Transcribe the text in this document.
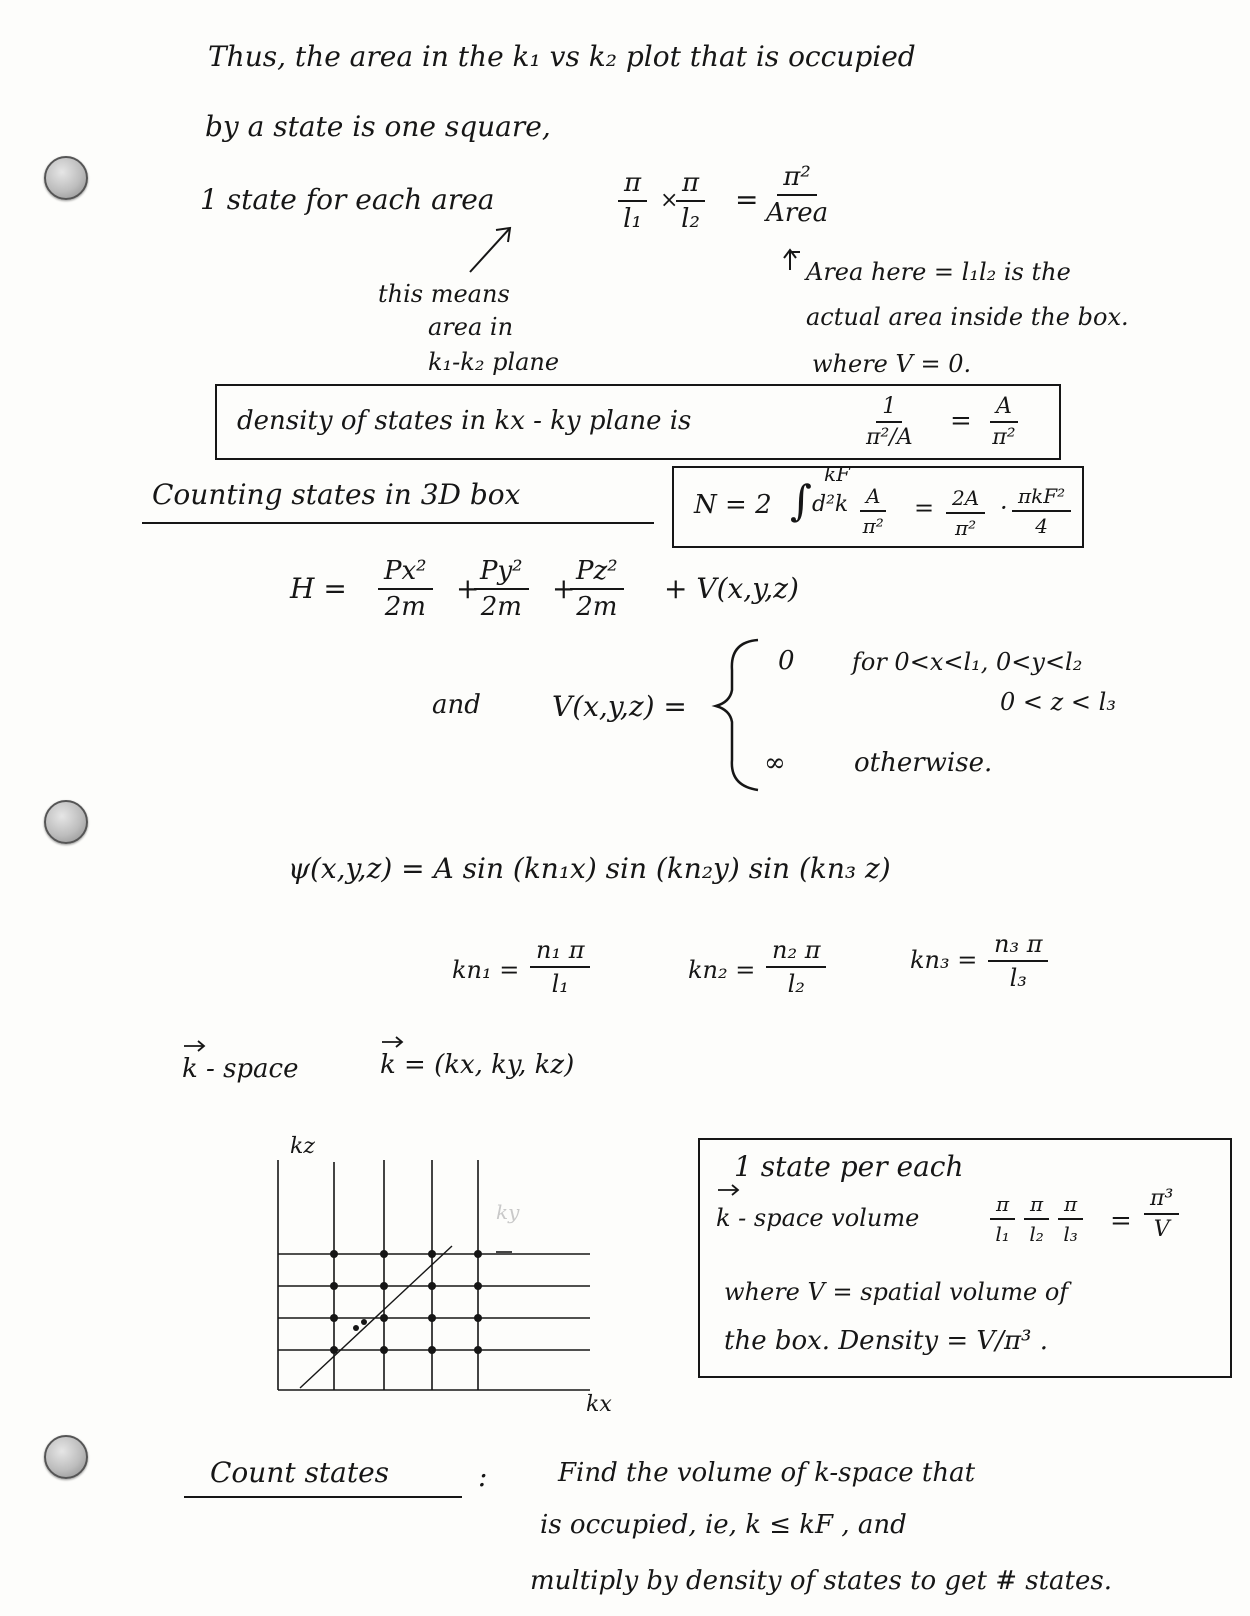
Thus, the area in the k₁ vs k₂ plot that is occupied
by a state is one square,
1 state for each area	$\frac{\pi}{\text{l₁}}$ ×
$\frac{\pi}{\text{l₂}}$ =
π²
Area
this means
area in
k₁-k₂ plane
Area here = l₁l₂ is the
actual area inside the box.
where V = 0.
density of states in kx - ky plane is	$\frac{1}{\text{π²/A}} = \frac{A}{\text{π²}}$
Counting states in 3D box	N = 2 ∫
kF
$d^2k \frac{A}{\text{π²}} = \frac{2A}{\text{π²}} \cdot \pi kF^2$
4
$H = \frac{\text{Px²}}{2m}$ +
$\frac{\text{Py²}}{2m}$ +
$\frac{\text{Pz²}}{2m} + V(x,y,z)$
and	V(x,y,z) =
0 for 0<x<l₁, 0<y<l₂
0 < z < l₃
∞	otherwise.
ψ(x,y,z) = A sin (kn₁x) sin (kn₂y) sin (kn₃ z)
$kn_1 = \frac{\text{n₁ π}}{\text{l₁}}$	$kn_2 = \frac{\text{n₂ π}}{\text{l₂}}$	$kn_3 = \frac{\text{n₃ π}}{\text{l₃}}$
k - space	k = (kx, ky, kz)
kz
kx
ky
1 state per each
k - space volume	$\frac{\pi}{\text{l₁}} \frac{\pi}{\text{l₂}} \frac{\pi}{\text{l₃}} = \frac{\text{π³}}{V}$
where V = spatial volume of
the box. Density = V/π³ .
Count states	:	Find the volume of k-space that
is occupied, ie, k ≤ kF , and
multiply by density of states to get # states.
